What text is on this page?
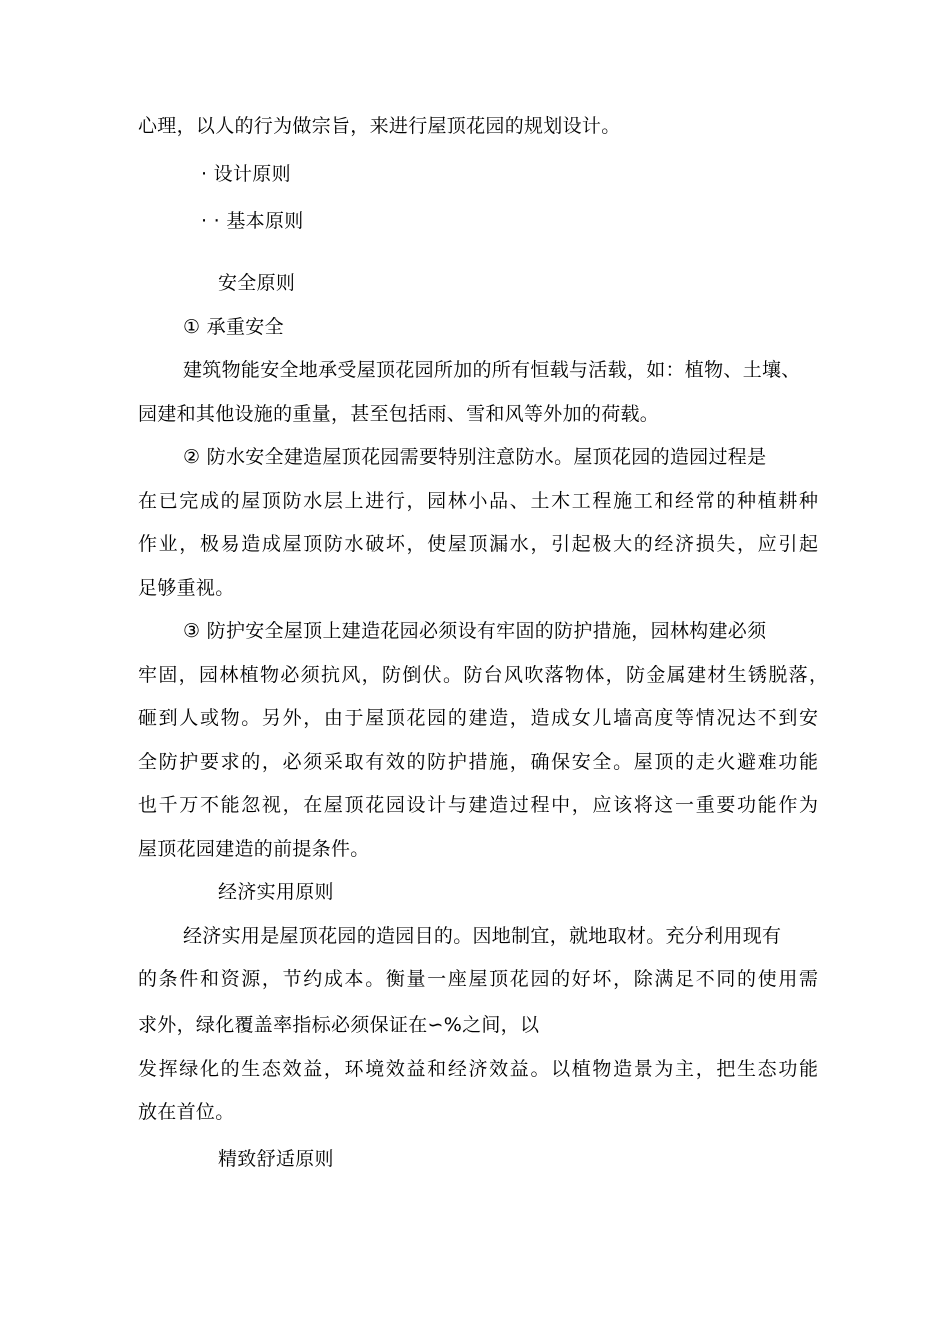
心理，以人的行为做宗旨，来进行屋顶花园的规划设计。
· 设计原则
· · 基本原则
安全原则
① 承重安全
建筑物能安全地承受屋顶花园所加的所有恒载与活载，如：植物、土壤、
园建和其他设施的重量，甚至包括雨、雪和风等外加的荷载。
② 防水安全建造屋顶花园需要特别注意防水。屋顶花园的造园过程是
在已完成的屋顶防水层上进行，园林小品、土木工程施工和经常的种植耕种
作业，极易造成屋顶防水破坏，使屋顶漏水，引起极大的经济损失，应引起
足够重视。
③ 防护安全屋顶上建造花园必须设有牢固的防护措施，园林构建必须
牢固，园林植物必须抗风，防倒伏。防台风吹落物体，防金属建材生锈脱落，
砸到人或物。另外，由于屋顶花园的建造，造成女儿墙高度等情况达不到安
全防护要求的，必须采取有效的防护措施，确保安全。屋顶的走火避难功能
也千万不能忽视，在屋顶花园设计与建造过程中，应该将这一重要功能作为
屋顶花园建造的前提条件。
经济实用原则
经济实用是屋顶花园的造园目的。因地制宜，就地取材。充分利用现有
的条件和资源，节约成本。衡量一座屋顶花园的好坏，除满足不同的使用需
求外，绿化覆盖率指标必须保证在∽%之间，以
发挥绿化的生态效益，环境效益和经济效益。以植物造景为主，把生态功能
放在首位。
精致舒适原则
